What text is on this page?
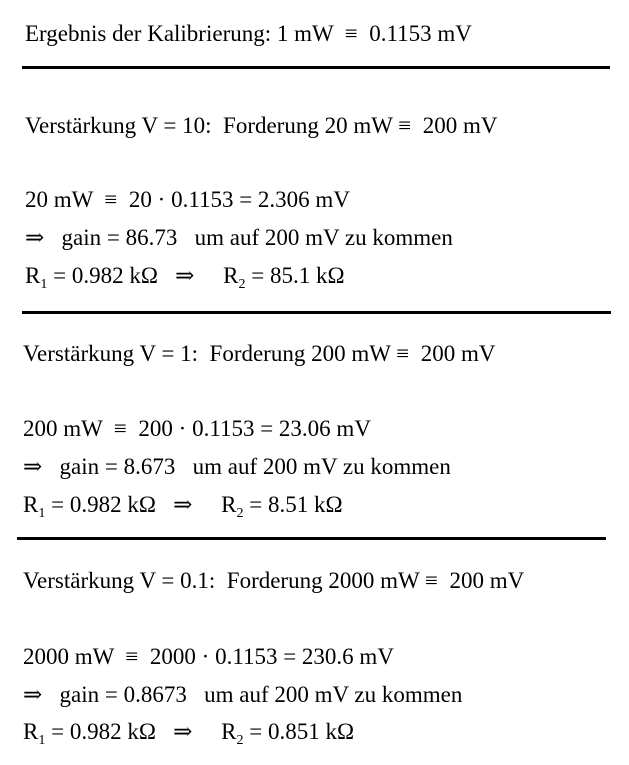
Ergebnis der Kalibrierung: 1 mW  ≡  0.1153 mV
Verstärkung V = 10:  Forderung 20 mW ≡  200 mV
20 mW  ≡  20 · 0.1153 = 2.306 mV
⇒   gain = 86.73   um auf 200 mV zu kommen
$R_1 = 0.982$ kΩ   ⇒     $R_2 = 85.1$ kΩ
Verstärkung V = 1:  Forderung 200 mW ≡  200 mV
200 mW  ≡  200 · 0.1153 = 23.06 mV
⇒   gain = 8.673   um auf 200 mV zu kommen
$R_1 = 0.982$ kΩ   ⇒     $R_2 = 8.51$ kΩ
Verstärkung V = 0.1:  Forderung 2000 mW ≡  200 mV
2000 mW  ≡  2000 · 0.1153 = 230.6 mV
⇒   gain = 0.8673   um auf 200 mV zu kommen
$R_1 = 0.982$ kΩ   ⇒     $R_2 = 0.851$ kΩ
